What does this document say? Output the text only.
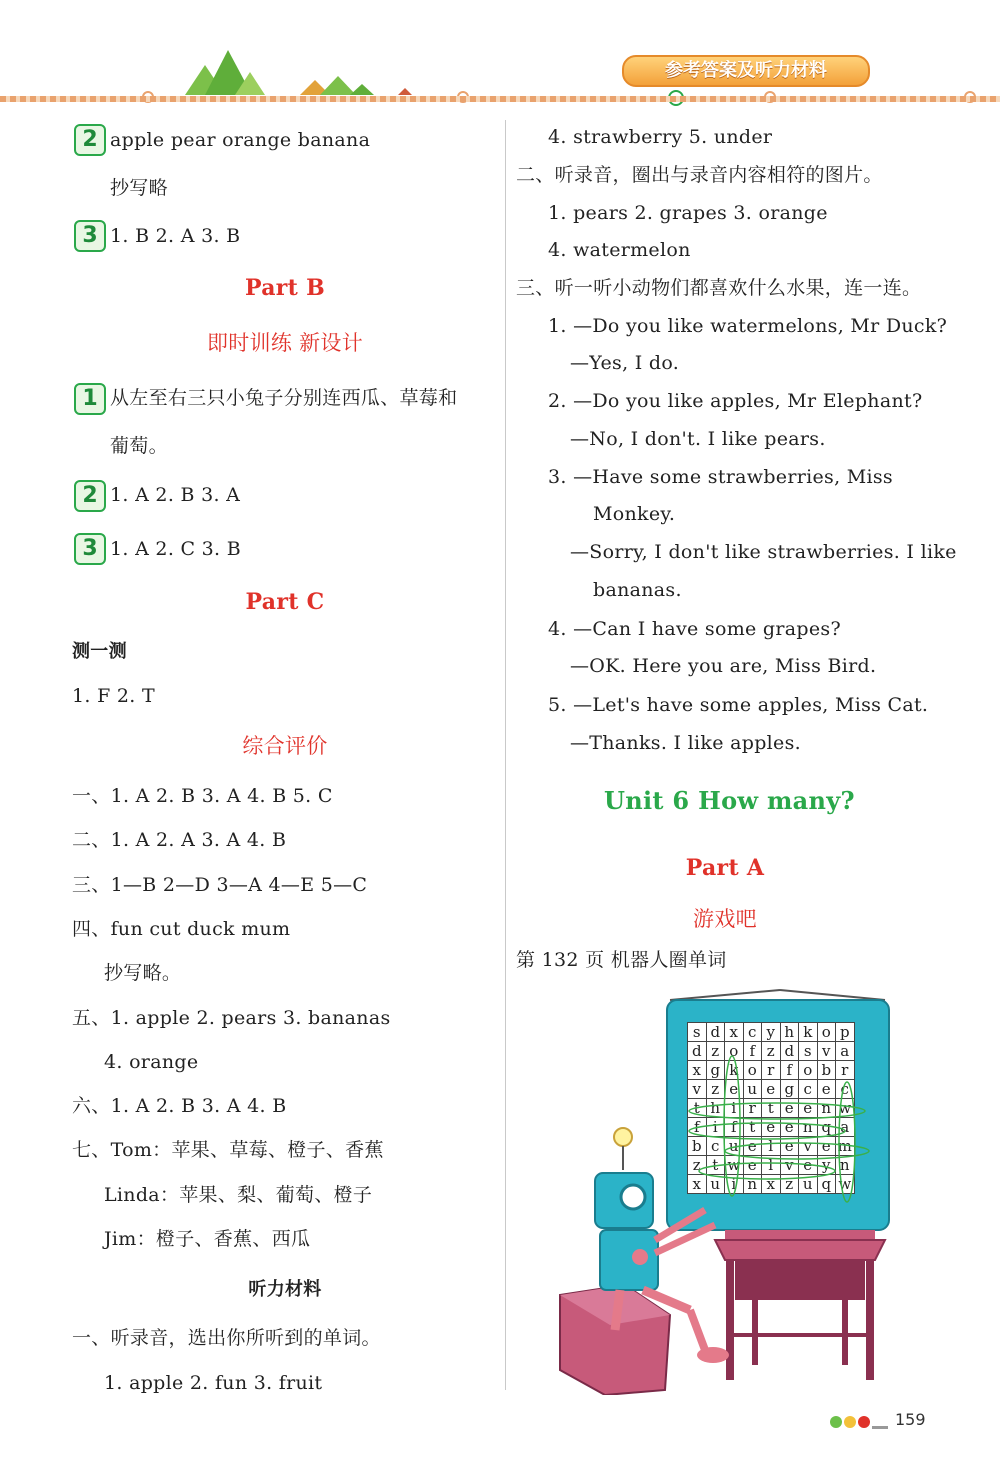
参考答案及听力材料
2 apple pear orange banana
抄写略
3 1. B 2. A 3. B
Part B
即时训练 新设计
1 从左至右三只小兔子分别连西瓜、草莓和
葡萄。
2 1. A 2. B 3. A
3 1. A 2. C 3. B
Part C
测一测
1. F 2. T
综合评价
一、1. A 2. B 3. A 4. B 5. C
二、1. A 2. A 3. A 4. B
三、1—B 2—D 3—A 4—E 5—C
四、fun cut duck mum
抄写略。
五、1. apple 2. pears 3. bananas
4. orange
六、1. A 2. B 3. A 4. B
七、Tom：苹果、草莓、橙子、香蕉
Linda：苹果、梨、葡萄、橙子
Jim：橙子、香蕉、西瓜
听力材料
一、听录音，选出你所听到的单词。
1. apple 2. fun 3. fruit
4. strawberry 5. under
二、听录音，圈出与录音内容相符的图片。
1. pears 2. grapes 3. orange
4. watermelon
三、听一听小动物们都喜欢什么水果，连一连。
1. —Do you like watermelons, Mr Duck?
—Yes, I do.
2. —Do you like apples, Mr Elephant?
—No, I don't. I like pears.
3. —Have some strawberries, Miss
Monkey.
—Sorry, I don't like strawberries. I like
bananas.
4. —Can I have some grapes?
—OK. Here you are, Miss Bird.
5. —Let's have some apples, Miss Cat.
—Thanks. I like apples.
Unit 6 How many?
Part A
游戏吧
第 132 页 机器人圈单词
s	d	x	c	y	h	k	o	p
d	z	o	f	z	d	s	v	a
x	g	k	o	r	f	o	b	r
v	z	e	u	e	g	c	e	c
t	h	i	r	t	e	e	n	w
f	i	f	t	e	e	n	q	a
b	c	u	e	l	e	v	e	m
z	t	w	e	l	v	e	y	n
x	u	i	n	x	z	u	q	w
159
